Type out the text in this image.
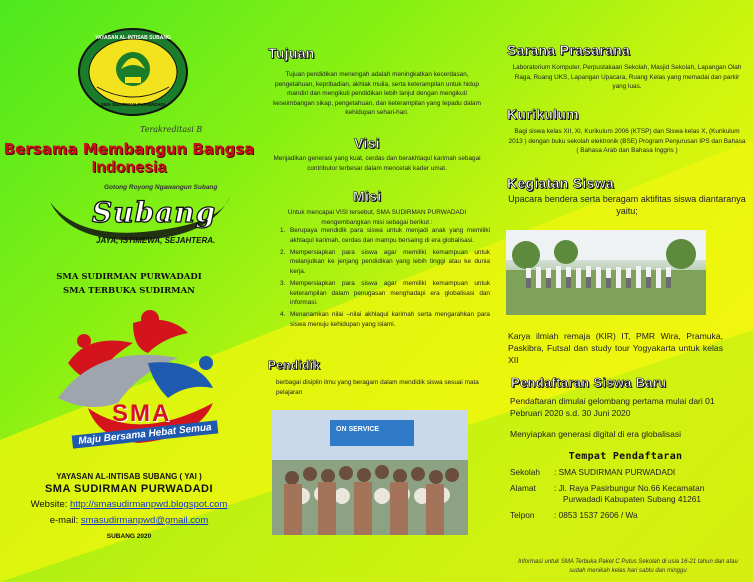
YAYASAN AL-INTISAB SUBANG
SMA SUDIRMAN PURWADADI
Terakreditasi B
Bersama Membangun Bangsa
Indonesia
Gotong Royong Ngawangun Subang
Subang
JAYA, ISTIMEWA, SEJAHTERA.
SMA SUDIRMAN PURWADADI
SMA TERBUKA SUDIRMAN
SMA
Maju Bersama Hebat Semua
YAYASAN AL-INTISAB SUBANG ( YAI )
SMA SUDIRMAN PURWADADI
Website: http://smasudirmanpwd.blogspot.com
e-mail: smasudirmanpwd@gmail.com
SUBANG 2020
Tujuan
Tujuan pendidikan menengah adalah meningkatkan kecerdasan, pengetahuan, kepribadian, akhlak mulia, serta keterampilan untuk hidup mandiri dan mengikuti pendidikan lebih lanjut dengan mengikuti keseimbangan sikap, pengetahuan, dan keterampilan yang tepadu dalam kehidupan sehari-hari.
Visi
Menjadikan generasi yang kuat, cerdas dan berakhlaqul karimah sebagai contributor terbesar dalam mencetak kader umat.
Misi
Untuk mencapai VISI tersebut, SMA SUDIRMAN PURWADADI mengembangkan misi sebagai berikut :
1. Berupaya mendidik para siswa untuk menjadi anak yang memiliki akhlaqul karimah, cerdas dan mampu bersaing di era globalisasi.
2. Mempersiapkan para siswa agar memiliki kemampuan untuk melanjutkan ke jenjang pendidikan yang lebih tinggi atau ke dunia kerja.
3. Mempersiapkan para siswa agar memiliki kemampuan untuk keterampilan dalam penugasan menghadapi era globalisasi dan informasi.
4. Menanamkan nilai –nilai akhlaqul karimah serta mengarahkan para siswa menuju kehidupan yang islami.
Pendidik
berbagai disiplin ilmu yang beragam dalam mendidik siswa sesuai mata pelajaran
ON SERVICE
Sarana Prasarana
Laboratorium Komputer, Perpustakaan Sekolah, Masjid Sekolah, Lapangan Olah Raga, Ruang UKS, Lapangan Upacara, Ruang Kelas yang memadai dan parkir yang luas.
Kurikulum
Bagi siswa kelas XII, XI, Kurikulum 2006 (KTSP) dan Siswa kelas X, (Kurikulum 2013 ) dengan buku sekolah elektronik (BSE) Program Penjurusan IPS dan Bahasa ( Bahasa Arab dan Bahasa Inggris )
Kegiatan Siswa
Upacara bendera serta beragam aktifitas siswa diantaranya yaitu;
Karya ilmiah remaja (KIR) IT, PMR Wira, Pramuka, Paskibra, Futsal dan study tour Yogyakarta untuk kelas XII
Pendaftaran Siswa Baru
Pendaftaran dimulai gelombang pertama mulai dari 01 Pebruari 2020 s.d. 30 Juni 2020
Menyiapkan generasi digital di era globalisasi
Tempat Pendaftaran
Sekolah	: SMA SUDIRMAN PURWADADI
Alamat	: Jl. Raya Pasirbungur No.66 Kecamatan
Purwadadi Kabupaten Subang 41261
Telpon	: 0853 1537 2606 / Wa
Informasi untuk SMA Terbuka Paket C Putus Sekolah di usia 16-21 tahun dan atau sudah menikah kelas hari sabtu dan minggu
